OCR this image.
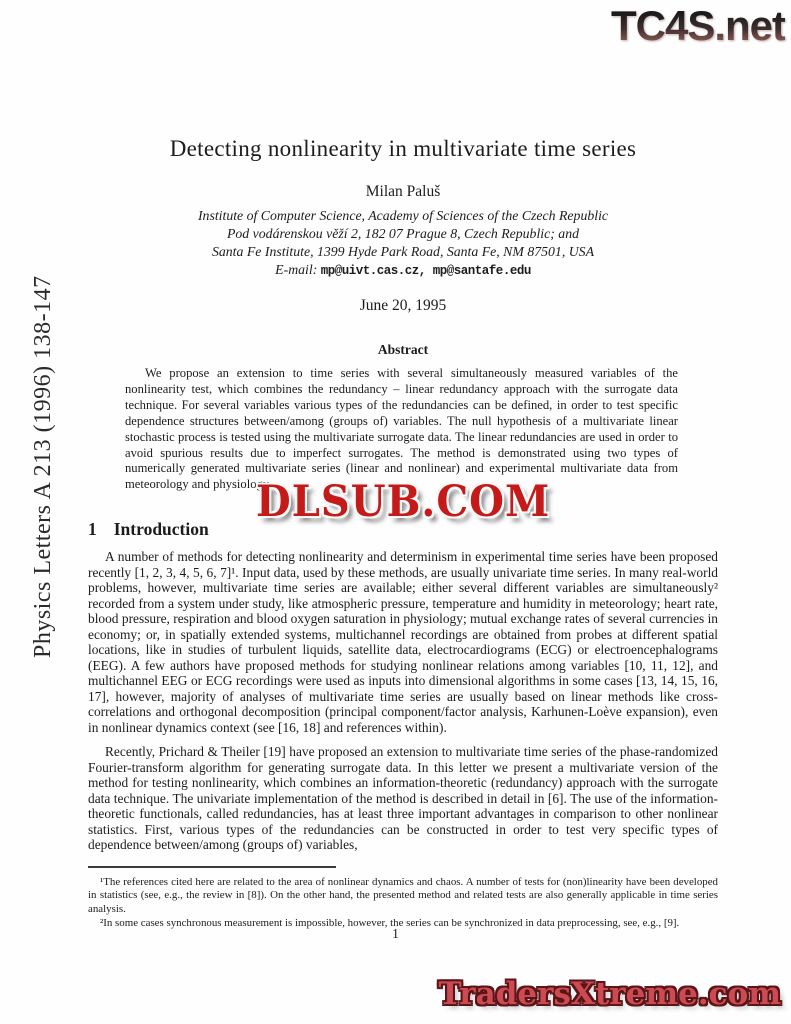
Physics Letters A 213 (1996) 138-147
TC4S.net
Detecting nonlinearity in multivariate time series
Milan Paluš
Institute of Computer Science, Academy of Sciences of the Czech Republic
Pod vodárenskou věží 2, 182 07 Prague 8, Czech Republic; and
Santa Fe Institute, 1399 Hyde Park Road, Santa Fe, NM 87501, USA
E-mail: mp@uivt.cas.cz, mp@santafe.edu
June 20, 1995
Abstract

We propose an extension to time series with several simultaneously measured variables of the nonlinearity test, which combines the redundancy – linear redundancy approach with the surrogate data technique. For several variables various types of the redundancies can be defined, in order to test specific dependence structures between/among (groups of) variables. The null hypothesis of a multivariate linear stochastic process is tested using the multivariate surrogate data. The linear redundancies are used in order to avoid spurious results due to imperfect surrogates. The method is demonstrated using two types of numerically generated multivariate series (linear and nonlinear) and experimental multivariate data from meteorology and physiology.

1 Introduction

A number of methods for detecting nonlinearity and determinism in experimental time series have been proposed recently [1, 2, 3, 4, 5, 6, 7]¹. Input data, used by these methods, are usually univariate time series. In many real-world problems, however, multivariate time series are available; either several different variables are simultaneously² recorded from a system under study, like atmospheric pressure, temperature and humidity in meteorology; heart rate, blood pressure, respiration and blood oxygen saturation in physiology; mutual exchange rates of several currencies in economy; or, in spatially extended systems, multichannel recordings are obtained from probes at different spatial locations, like in studies of turbulent liquids, satellite data, electrocardiograms (ECG) or electroencephalograms (EEG). A few authors have proposed methods for studying nonlinear relations among variables [10, 11, 12], and multichannel EEG or ECG recordings were used as inputs into dimensional algorithms in some cases [13, 14, 15, 16, 17], however, majority of analyses of multivariate time series are usually based on linear methods like cross-correlations and orthogonal decomposition (principal component/factor analysis, Karhunen-Loève expansion), even in nonlinear dynamics context (see [16, 18] and references within).

Recently, Prichard & Theiler [19] have proposed an extension to multivariate time series of the phase-randomized Fourier-transform algorithm for generating surrogate data. In this letter we present a multivariate version of the method for testing nonlinearity, which combines an information-theoretic (redundancy) approach with the surrogate data technique. The univariate implementation of the method is described in detail in [6]. The use of the information-theoretic functionals, called redundancies, has at least three important advantages in comparison to other nonlinear statistics. First, various types of the redundancies can be constructed in order to test very specific types of dependence between/among (groups of) variables,

¹The references cited here are related to the area of nonlinear dynamics and chaos. A number of tests for (non)linearity have been developed in statistics (see, e.g., the review in [8]). On the other hand, the presented method and related tests are also generally applicable in time series analysis.

²In some cases synchronous measurement is impossible, however, the series can be synchronized in data preprocessing, see, e.g., [9].

1
DLSUB.COM
TradersXtreme.com
